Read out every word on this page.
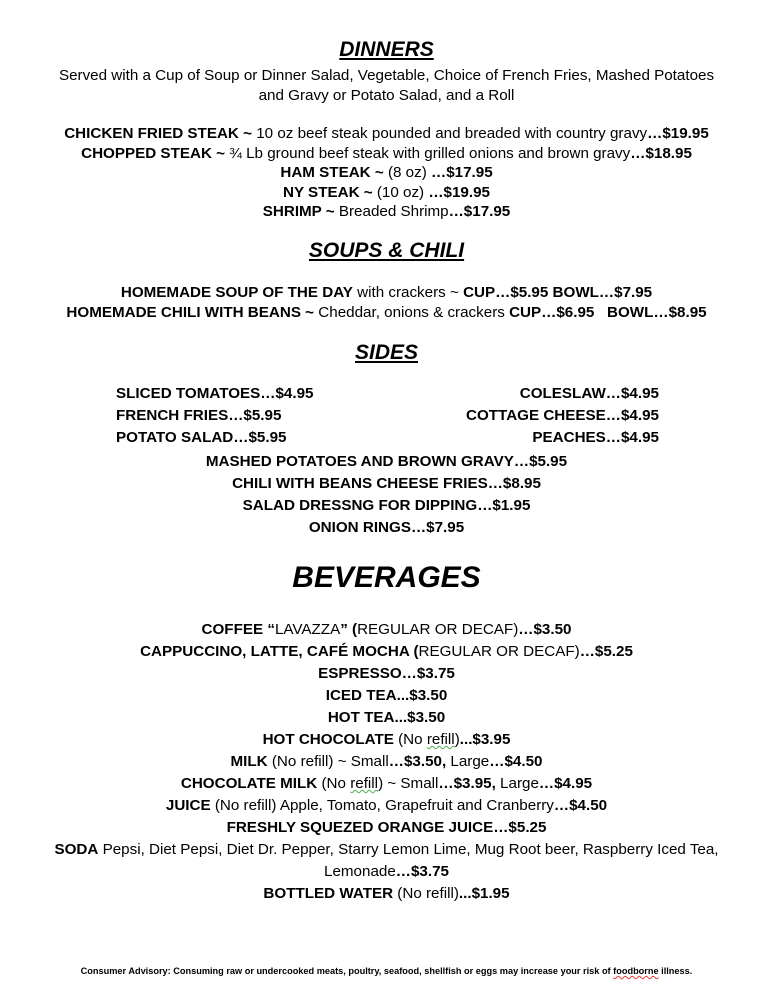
DINNERS
Served with a Cup of Soup or Dinner Salad, Vegetable, Choice of French Fries, Mashed Potatoes
and Gravy or Potato Salad, and a Roll
CHICKEN FRIED STEAK ~ 10 oz beef steak pounded and breaded with country gravy…$19.95
CHOPPED STEAK ~ ¾ Lb ground beef steak with grilled onions and brown gravy…$18.95
HAM STEAK ~ (8 oz) …$17.95
NY STEAK ~ (10 oz) …$19.95
SHRIMP ~ Breaded Shrimp…$17.95
SOUPS & CHILI
HOMEMADE SOUP OF THE DAY with crackers ~ CUP…$5.95 BOWL…$7.95
HOMEMADE CHILI WITH BEANS ~ Cheddar, onions & crackers CUP…$6.95   BOWL…$8.95
SIDES
SLICED TOMATOES…$4.95	COLESLAW…$4.95
FRENCH FRIES…$5.95	COTTAGE CHEESE…$4.95
POTATO SALAD…$5.95	PEACHES…$4.95
MASHED POTATOES AND BROWN GRAVY…$5.95
CHILI WITH BEANS CHEESE FRIES…$8.95
SALAD DRESSNG FOR DIPPING…$1.95
ONION RINGS…$7.95
BEVERAGES
COFFEE “LAVAZZA” (REGULAR OR DECAF)…$3.50
CAPPUCCINO, LATTE, CAFÉ MOCHA (REGULAR OR DECAF)…$5.25
ESPRESSO…$3.75
ICED TEA...$3.50
HOT TEA...$3.50
HOT CHOCOLATE (No refill)...$3.95
MILK (No refill) ~ Small…$3.50, Large…$4.50
CHOCOLATE MILK (No refill) ~ Small…$3.95, Large…$4.95
JUICE (No refill) Apple, Tomato, Grapefruit and Cranberry…$4.50
FRESHLY SQUEZED ORANGE JUICE…$5.25
SODA Pepsi, Diet Pepsi, Diet Dr. Pepper, Starry Lemon Lime, Mug Root beer, Raspberry Iced Tea,
Lemonade…$3.75
BOTTLED WATER (No refill)...$1.95
Consumer Advisory: Consuming raw or undercooked meats, poultry, seafood, shellfish or eggs may increase your risk of foodborne illness.
